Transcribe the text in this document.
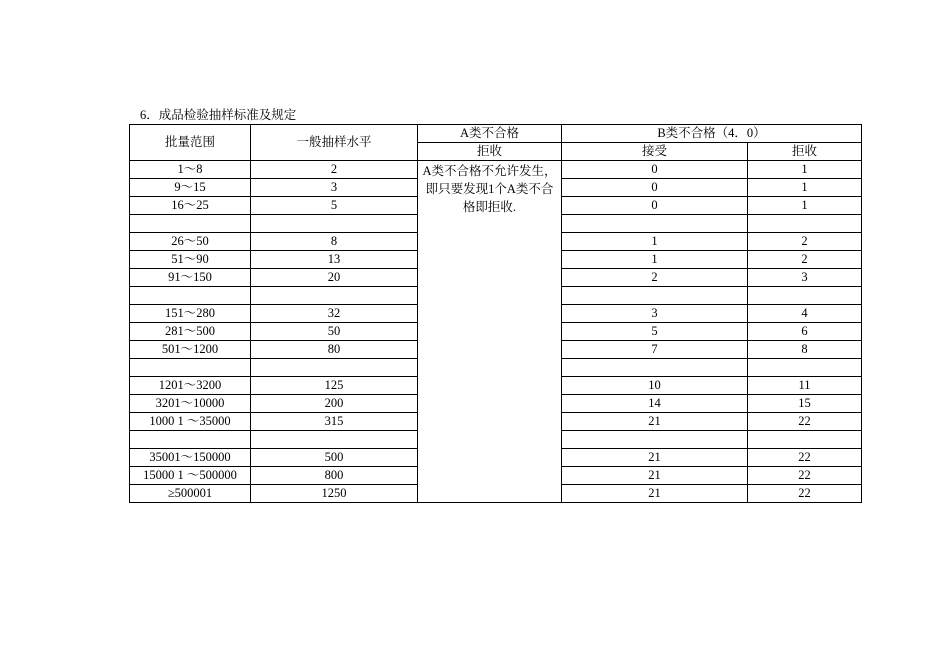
6．成品检验抽样标准及规定
批量范围	一般抽样水平	A类不合格	B类不合格（4．0）	
		拒收	接受	拒收
1～8	2	A类不合格不允许发生，即只要发现1个A类不合格即拒收.	0	1
9～15	3		0	1
16～25	5		0	1

26～50	8		1	2
51～90	13		1	2
91～150	20		2	3

151～280	32		3	4
281～500	50		5	6
501～1200	80		7	8

1201～3200	125		10	11
3201～10000	200		14	15
1000 1 ～35000	315		21	22

35001～150000	500		21	22
15000 1 ～500000	800		21	22
≥500001	1250		21	22
